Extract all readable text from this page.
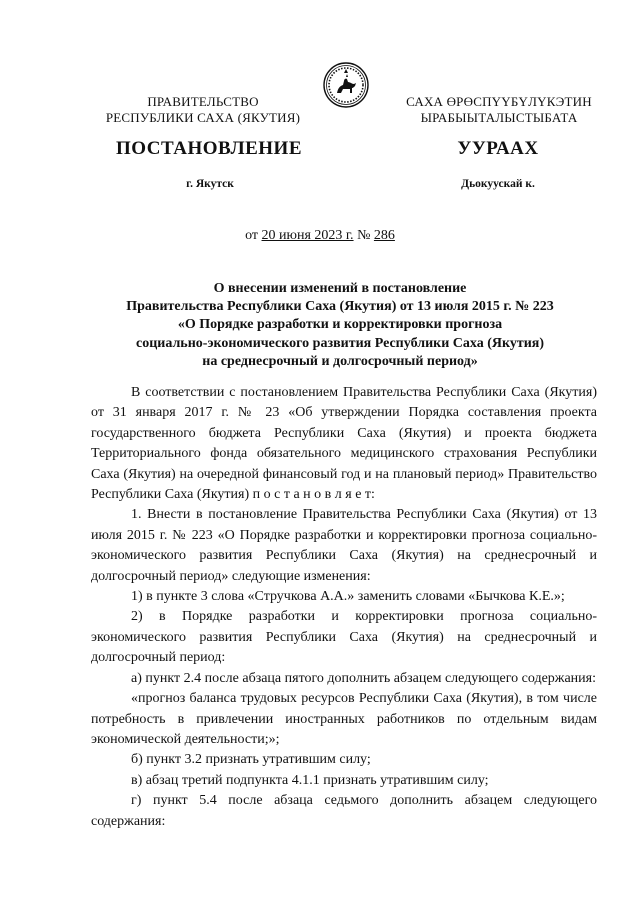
ПРАВИТЕЛЬСТВО
РЕСПУБЛИКИ САХА (ЯКУТИЯ)
САХА ӨРӨСПҮҮБҮЛҮКЭТИН
ЫРАБЫЫТАЛЫСТЫБАТА
ПОСТАНОВЛЕНИЕ	УУРААХ
г. Якутск	Дьокуускай к.
от 20 июня 2023 г. № 286
О внесении изменений в постановление
Правительства Республики Саха (Якутия) от 13 июля 2015 г. № 223
«О Порядке разработки и корректировки прогноза
социально-экономического развития Республики Саха (Якутия)
на среднесрочный и долгосрочный период»

В соответствии с постановлением Правительства Республики Саха (Якутия) от 31 января 2017 г. № 23 «Об утверждении Порядка составления проекта государственного бюджета Республики Саха (Якутия) и проекта бюджета Территориального фонда обязательного медицинского страхования Республики Саха (Якутия) на очередной финансовый год и на плановый период» Правительство Республики Саха (Якутия) п о с т а н о в л я е т:

1. Внести в постановление Правительства Республики Саха (Якутия) от 13 июля 2015 г. № 223 «О Порядке разработки и корректировки прогноза социально-экономического развития Республики Саха (Якутия) на среднесрочный и долгосрочный период» следующие изменения:

1) в пункте 3 слова «Стручкова А.А.» заменить словами «Бычкова К.Е.»;

2) в Порядке разработки и корректировки прогноза социально-экономического развития Республики Саха (Якутия) на среднесрочный и долгосрочный период:

а) пункт 2.4 после абзаца пятого дополнить абзацем следующего содержания:

«прогноз баланса трудовых ресурсов Республики Саха (Якутия), в том числе потребность в привлечении иностранных работников по отдельным видам экономической деятельности;»;

б) пункт 3.2 признать утратившим силу;

в) абзац третий подпункта 4.1.1 признать утратившим силу;

г) пункт 5.4 после абзаца седьмого дополнить абзацем следующего содержания:
